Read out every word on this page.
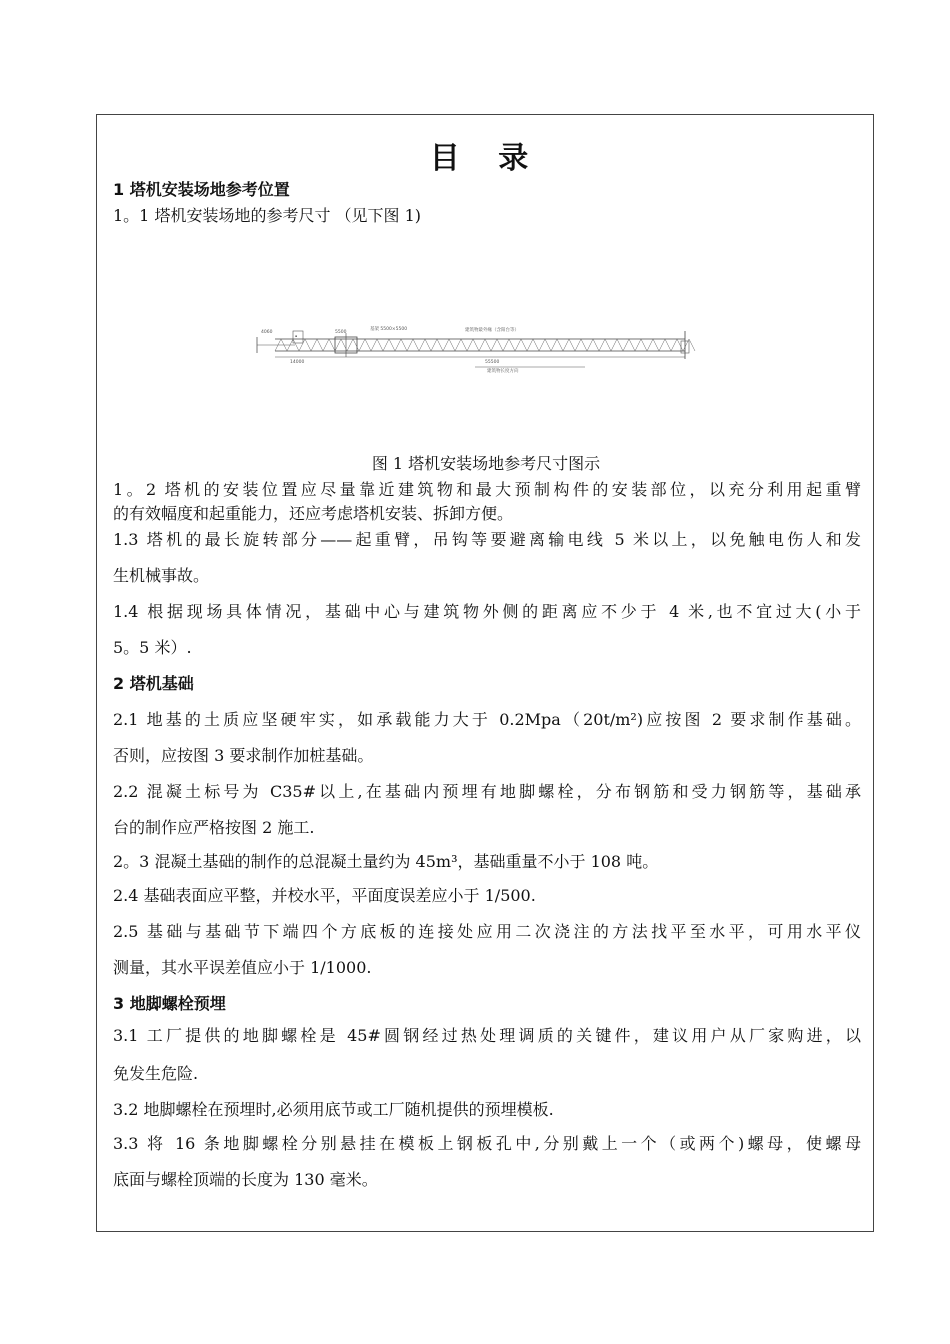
目 录
1 塔机安装场地参考位置
1。1 塔机安装场地的参考尺寸 （见下图 1)
4060
▪
5500
基架 5500×5500	建筑物最外缘（含阳台等）
14000	55500
建筑物长度方向
图 1 塔机安装场地参考尺寸图示
1。2 塔机的安装位置应尽量靠近建筑物和最大预制构件的安装部位，以充分利用起重臂
的有效幅度和起重能力，还应考虑塔机安装、拆卸方便。
1.3 塔机的最长旋转部分——起重臂，吊钩等要避离输电线 5 米以上，以免触电伤人和发
生机械事故。
1.4 根据现场具体情况，基础中心与建筑物外侧的距离应不少于 4 米,也不宜过大(小于
5。5 米）.
2 塔机基础
2.1 地基的土质应坚硬牢实，如承载能力大于 0.2Mpa（20t/m²)应按图 2 要求制作基础。
否则，应按图 3 要求制作加桩基础。
2.2 混凝土标号为 C35#以上,在基础内预埋有地脚螺栓，分布钢筋和受力钢筋等，基础承
台的制作应严格按图 2 施工.
2。3 混凝土基础的制作的总混凝土量约为 45m³，基础重量不小于 108 吨。
2.4 基础表面应平整，并校水平，平面度误差应小于 1/500.
2.5 基础与基础节下端四个方底板的连接处应用二次浇注的方法找平至水平，可用水平仪
测量，其水平误差值应小于 1/1000.
3 地脚螺栓预埋
3.1 工厂提供的地脚螺栓是 45#圆钢经过热处理调质的关键件，建议用户从厂家购进，以
免发生危险.
3.2 地脚螺栓在预埋时,必须用底节或工厂随机提供的预埋模板.
3.3 将 16 条地脚螺栓分别悬挂在模板上钢板孔中,分别戴上一个（或两个)螺母，使螺母
底面与螺栓顶端的长度为 130 毫米。
